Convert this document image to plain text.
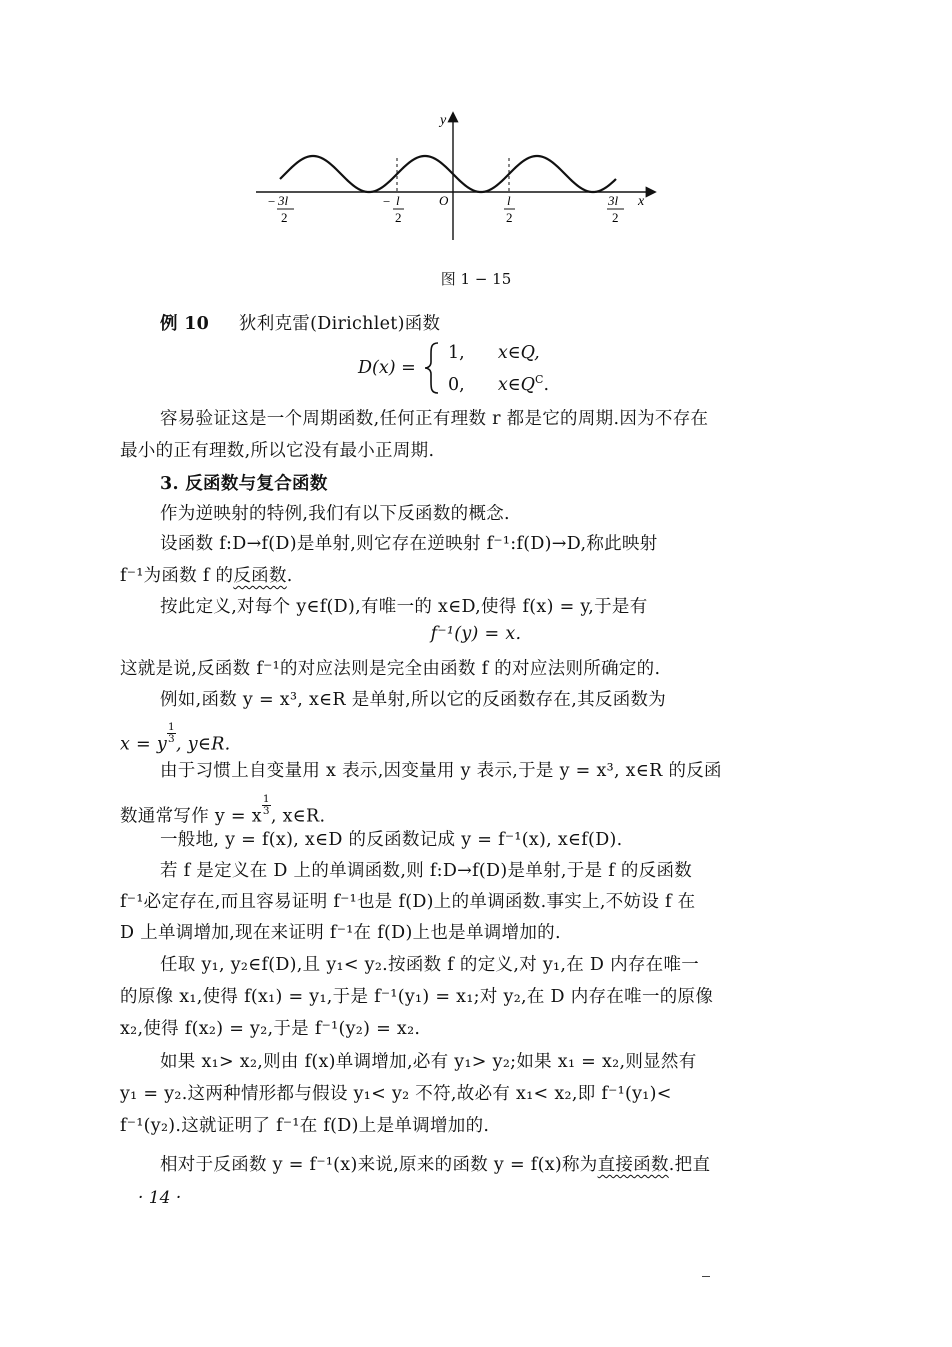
y
x
O
− 3l
2
− l
2
l
2
3l
2
图 1 − 15
例 10 狄利克雷(Dirichlet)函数
D(x) =
1, x∈Q,
0, $x\in Q^C$.
容易验证这是一个周期函数,任何正有理数 r 都是它的周期.因为不存在
最小的正有理数,所以它没有最小正周期.
3. 反函数与复合函数
作为逆映射的特例,我们有以下反函数的概念.
设函数 f:D→f(D)是单射,则它存在逆映射 f⁻¹:f(D)→D,称此映射
f⁻¹为函数 f 的反函数.
按此定义,对每个 y∈f(D),有唯一的 x∈D,使得 f(x) = y,于是有
f⁻¹(y) = x.
这就是说,反函数 f⁻¹的对应法则是完全由函数 f 的对应法则所确定的.
例如,函数 y = x³, x∈R 是单射,所以它的反函数存在,其反函数为
x = y
$\frac{1}{3}$
, y∈R.
由于习惯上自变量用 x 表示,因变量用 y 表示,于是 y = x³, x∈R 的反函
数通常写作 y = x
$\frac{1}{3}$
, x∈R.
一般地, y = f(x), x∈D 的反函数记成 y = f⁻¹(x), x∈f(D).
若 f 是定义在 D 上的单调函数,则 f:D→f(D)是单射,于是 f 的反函数
f⁻¹必定存在,而且容易证明 f⁻¹也是 f(D)上的单调函数.事实上,不妨设 f 在
D 上单调增加,现在来证明 f⁻¹在 f(D)上也是单调增加的.
任取 y₁, y₂∈f(D),且 y₁< y₂.按函数 f 的定义,对 y₁,在 D 内存在唯一
的原像 x₁,使得 f(x₁) = y₁,于是 f⁻¹(y₁) = x₁;对 y₂,在 D 内存在唯一的原像
x₂,使得 f(x₂) = y₂,于是 f⁻¹(y₂) = x₂.
如果 x₁> x₂,则由 f(x)单调增加,必有 y₁> y₂;如果 x₁ = x₂,则显然有
y₁ = y₂.这两种情形都与假设 y₁< y₂ 不符,故必有 x₁< x₂,即 f⁻¹(y₁)<
f⁻¹(y₂).这就证明了 f⁻¹在 f(D)上是单调增加的.
相对于反函数 y = f⁻¹(x)来说,原来的函数 y = f(x)称为直接函数.把直
· 14 ·
